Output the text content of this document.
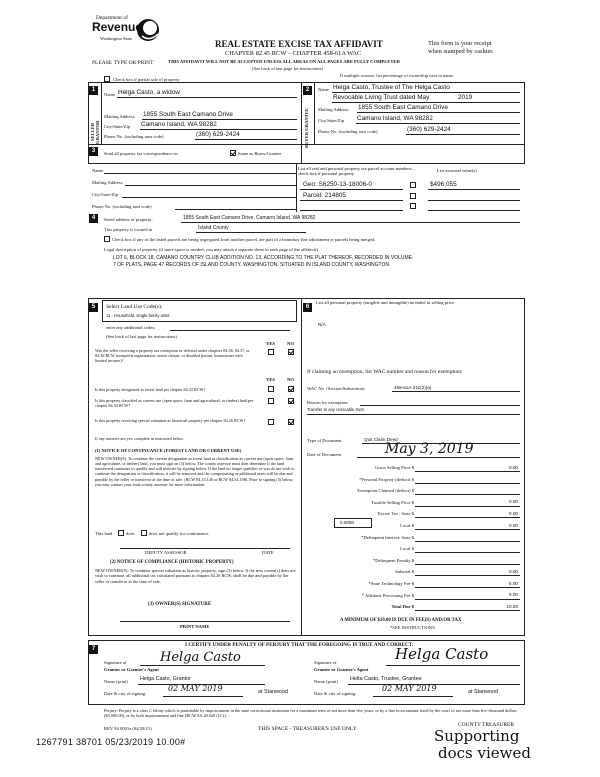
Department of
Revenue
Washington State
REAL ESTATE EXCISE TAX AFFIDAVIT
CHAPTER 82.45 RCW – CHAPTER 458-61A WAC
THIS AFFIDAVIT WILL NOT BE ACCEPTED UNLESS ALL AREAS ON ALL PAGES ARE FULLY COMPLETED
(See back of last page for instructions)
PLEASE TYPE OR PRINT
This form is your receipt
when stamped by cashier.
Check box if partial sale of property
If multiple owners, list percentage of ownership next to name.
1
SELLER GRANTOR
Name Helga Casto, a widow
Mailing Address 1855 South East Camano Drive
City/State/Zip Camano Island, WA 98282
Phone No. (including area code)	(360) 629-2424
2
BUYER GRANTEE
Name Helga Casto, Trustee of The Helga Casto
Revocable Living Trust dated May	2019
Mailing Address 1855 South East Camano Drive
City/State/Zip Camano Island, WA 98282
Phone No. (including area code)	(360) 629-2424
3	Send all property tax correspondence to:	Same as Buyer/Grantee
Name
Mailing Address
City/State/Zip
Phone No. (including area code)
List all real and personal property tax parcel account numbers – check box if personal property
List assessed value(s)
Geo: S6250-13-18006-0	$496,055
Parcel: 214805
4	Street address of property:	1855 South East Camano Drive, Camano Island, WA 98282
This property is located in	Island County
Check box if any of the listed parcels are being segregated from another parcel, are part of a boundary line adjustment or parcels being merged.
Legal description of property (if more space is needed, you may attach a separate sheet to each page of the affidavit)
LOT 6, BLOCK 18, CAMANO COUNTRY CLUB ADDITION NO. 13, ACCORDING TO THE PLAT THEREOF, RECORDED IN VOLUME
7 OF PLATS, PAGE 47 RECORDS OF ISLAND COUNTY, WASHINGTON. SITUATED IN ISLAND COUNTY, WASHINGTON.
5	Select Land Use Code(s):
11 - Household, single family units
enter any additional codes:
(See back of last page for instructions)
YES	NO
Was the seller receiving a property tax exemption or deferral under chapters 84.36, 84.37, or 84.38 RCW (nonprofit organization, senior citizen, or disabled person, homeowner with limited income)?
YES	NO
Is this property designated as forest land per chapter 84.33 RCW?
Is this property classified as current use (open space, farm and agricultural, or timber) land per chapter 84.34 RCW?
Is this property receiving special valuation as historical property per chapter 84.26 RCW?
If any answers are yes, complete as instructed below.
(1) NOTICE OF CONTINUANCE (FOREST LAND OR CURRENT USE)
NEW OWNER(S): To continue the current designation as forest land or classification as current use (open space, farm and agriculture, or timber) land, you must sign on (3) below. The county assessor must then determine if the land transferred continues to qualify and will indicate by signing below. If the land no longer qualifies or you do not wish to continue the designation or classification, it will be removed and the compensating or additional taxes will be due and payable by the seller or transferor at the time of sale. (RCW 84.33.140 or RCW 84.34.108). Prior to signing (3) below, you may contact your local county assessor for more information.
This land	does	does not qualify for continuance.
DEPUTY ASSESSOR	DATE
(2) NOTICE OF COMPLIANCE (HISTORIC PROPERTY)
NEW OWNER(S): To continue special valuation as historic property, sign (3) below. If the new owner(s) does not wish to continue, all additional tax calculated pursuant to chapter 84.26 RCW, shall be due and payable by the seller or transferor at the time of sale.
(3) OWNER(S) SIGNATURE
PRINT NAME
6
List all personal property (tangible and intangible) included in selling price.
N/A
If claiming an exemption, list WAC number and reason for exemption:
WAC No. (Section/Subsection)	458-61A-211(2)(a)
Reason for exemption
Transfer to any revocable trust.
Type of Document	Quit Claim Deed
Date of Document	May 3, 2019
Gross Selling Price $	0.00
*Personal Property (deduct) $
Exemption Claimed (deduct) $
Taxable Selling Price $	0.00
Excise Tax : State $	0.00
Local $	0.00
*Delinquent Interest: State $
Local $
*Delinquent Penalty $
Subtotal $	0.00
*State Technology Fee $	5.00
* Affidavit Processing Fee $	5.00
Total Due $	10.00
0.0050
A MINIMUM OF $10.00 IS DUE IN FEE(S) AND/OR TAX
*SEE INSTRUCTIONS
7
I CERTIFY UNDER PENALTY OF PERJURY THAT THE FOREGOING IS TRUE AND CORRECT.
Signature of
Grantor or Grantor's Agent
Helga Casto
Name (print) Helga Casto, Grantor
Date & city of signing:
02 MAY 2019	at Stanwood
Signature of
Grantee or Grantee's Agent
Helga Casto
Name (print) Helta Casto, Trustee, Grantee
Date & city of signing:
02 MAY 2019	at Stanwood
Perjury: Perjury is a class C felony which is punishable by imprisonment in the state correctional institution for a maximum term of not more than five years, or by a fine in an amount fixed by the court of not more than five thousand dollars ($5,000.00), or by both imprisonment and fine (RCW 9A.20.020 (1C)).
REV 84 0001a (04/28/15)	THIS SPACE - TREASURER'S USE ONLY
COUNTY TREASURER
1267791 38701 05/23/2019 10.00#	Supporting
docs viewed
